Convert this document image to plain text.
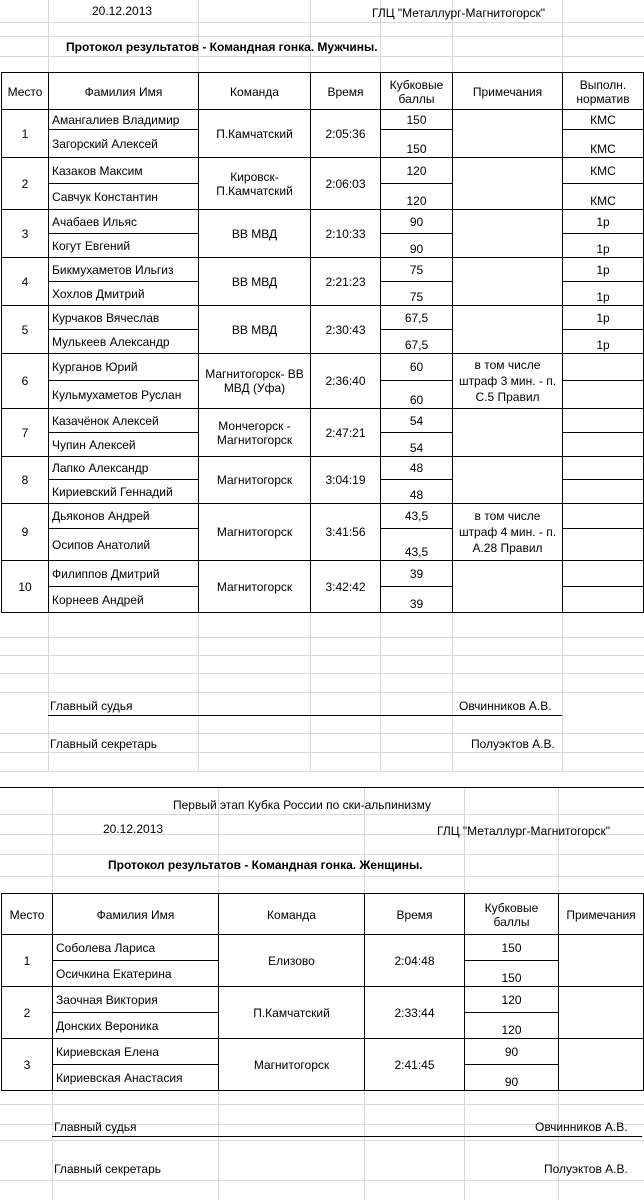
20.12.2013	ГЛЦ "Металлург-Магнитогорск"
Протокол результатов - Командная гонка. Мужчины.
Место	Фамилия Имя	Команда	Время	Кубковые баллы	Примечания	Выполн. норматив
1	Амангалиев Владимир	П.Камчатский	2:05:36	150		КМС
	Загорский Алексей			150		КМС
2	Казаков Максим	Кировск- П.Камчатский	2:06:03	120		КМС
	Савчук Константин			120		КМС
3	Ачабаев Ильяс	ВВ МВД	2:10:33	90		1р
	Когут Евгений			90		1р
4	Бикмухаметов Ильгиз	ВВ МВД	2:21:23	75		1р
	Хохлов Дмитрий			75		1р
5	Курчаков Вячеслав	ВВ МВД	2:30:43	67,5		1р
	Мулькеев Александр			67,5		1р
6	Курганов Юрий	Магнитогорск- ВВ МВД (Уфа)	2:36:40	60	в том числе штраф 3 мин. - п. С.5 Правил	
	Кульмухаметов Руслан			60		
7	Казачёнок Алексей	Мончегорск - Магнитогорск	2:47:21	54		
	Чупин Алексей			54		
8	Лапко Александр	Магнитогорск	3:04:19	48		
	Кириевский Геннадий			48		
9	Дьяконов Андрей	Магнитогорск	3:41:56	43,5	в том числе штраф 4 мин. - п. А.28 Правил	
	Осипов Анатолий			43,5		
10	Филиппов Дмитрий	Магнитогорск	3:42:42	39		
	Корнеев Андрей			39		
Главный судья	Овчинников А.В.
Главный секретарь	Полуэктов А.В.
Первый этап Кубка России по ски-альпинизму
20.12.2013	ГЛЦ "Металлург-Магнитогорск"
Протокол результатов - Командная гонка. Женщины.
Место	Фамилия Имя	Команда	Время	Кубковые баллы	Примечания
1	Соболева Лариса	Елизово	2:04:48	150	
	Осичкина Екатерина			150	
2	Заочная Виктория	П.Камчатский	2:33:44	120	
	Донских Вероника			120	
3	Кириевская Елена	Магнитогорск	2:41:45	90	
	Кириевская Анастасия			90	
Главный судья	Овчинников А.В.
Главный секретарь	Полуэктов А.В.
